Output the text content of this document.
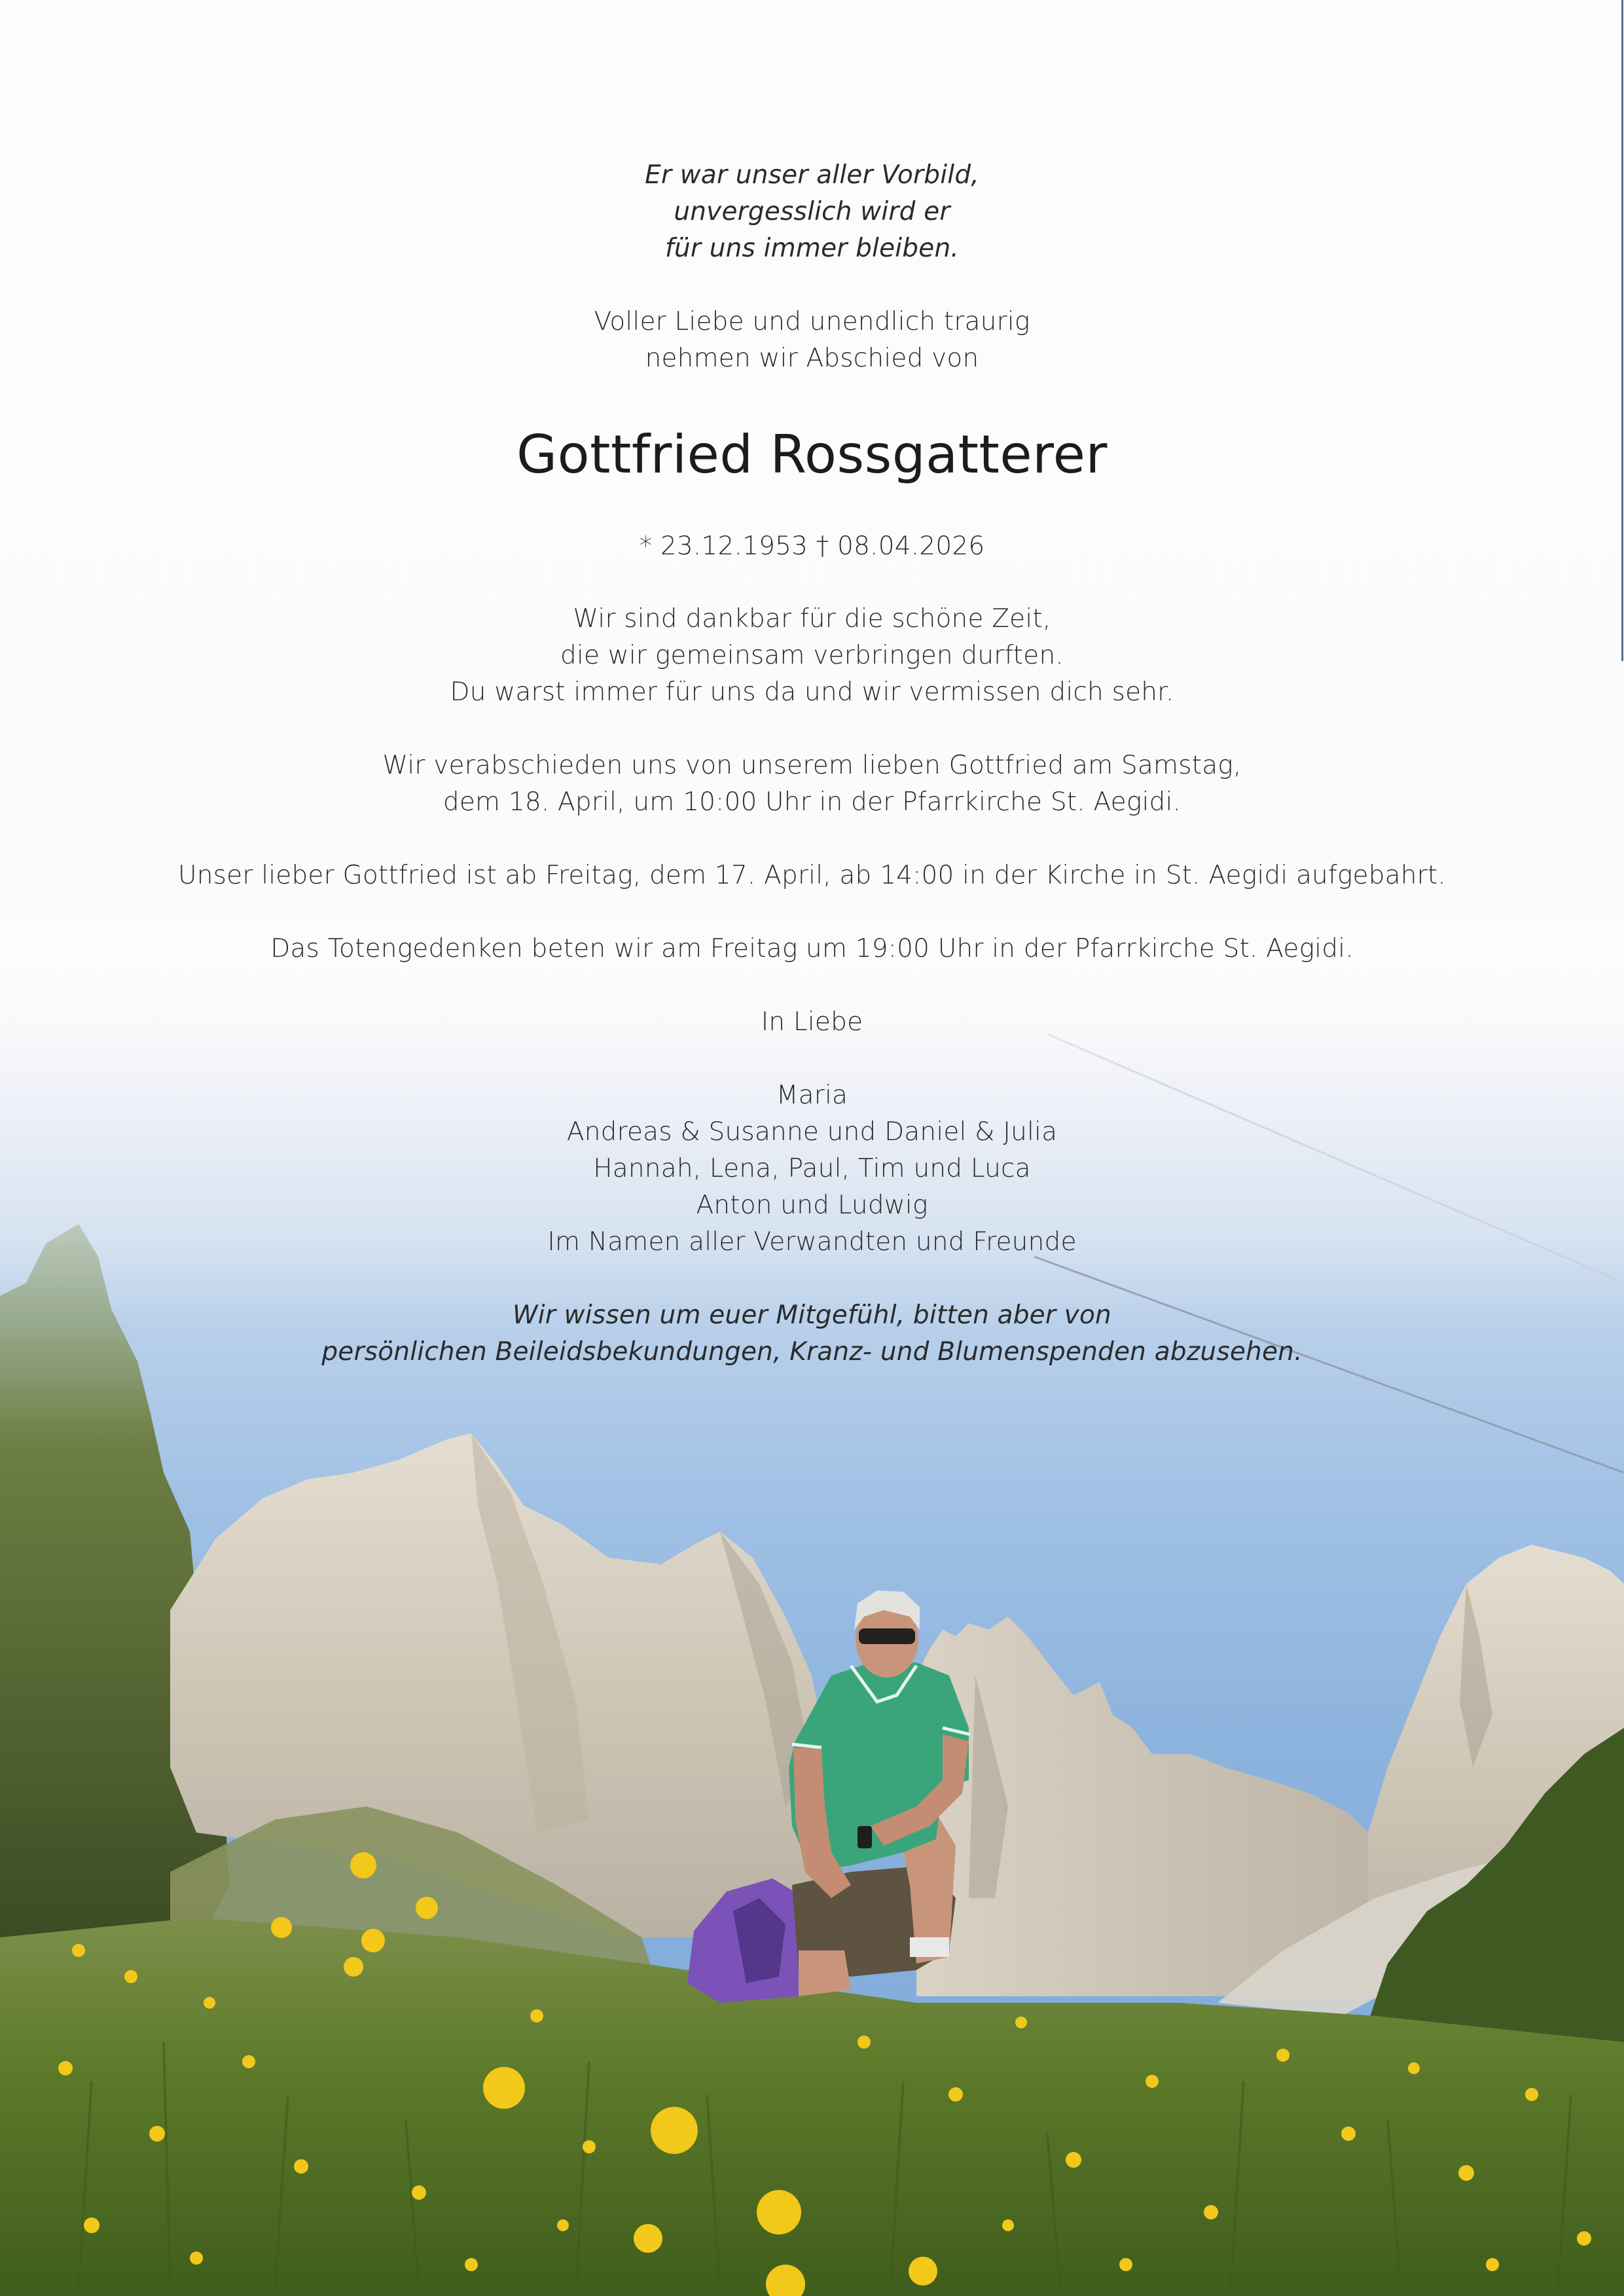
Er war unser aller Vorbild,
unvergesslich wird er
für uns immer bleiben.
Voller Liebe und unendlich traurig
nehmen wir Abschied von
Gottfried Rossgatterer
* 23.12.1953 † 08.04.2026
Wir sind dankbar für die schöne Zeit,
die wir gemeinsam verbringen durften.
Du warst immer für uns da und wir vermissen dich sehr.
Wir verabschieden uns von unserem lieben Gottfried am Samstag,
dem 18. April, um 10:00 Uhr in der Pfarrkirche St. Aegidi.
Unser lieber Gottfried ist ab Freitag, dem 17. April, ab 14:00 in der Kirche in St. Aegidi aufgebahrt.
Das Totengedenken beten wir am Freitag um 19:00 Uhr in der Pfarrkirche St. Aegidi.
In Liebe
Maria
Andreas & Susanne und Daniel & Julia
Hannah, Lena, Paul, Tim und Luca
Anton und Ludwig
Im Namen aller Verwandten und Freunde
Wir wissen um euer Mitgefühl, bitten aber von
persönlichen Beileidsbekundungen, Kranz- und Blumenspenden abzusehen.
